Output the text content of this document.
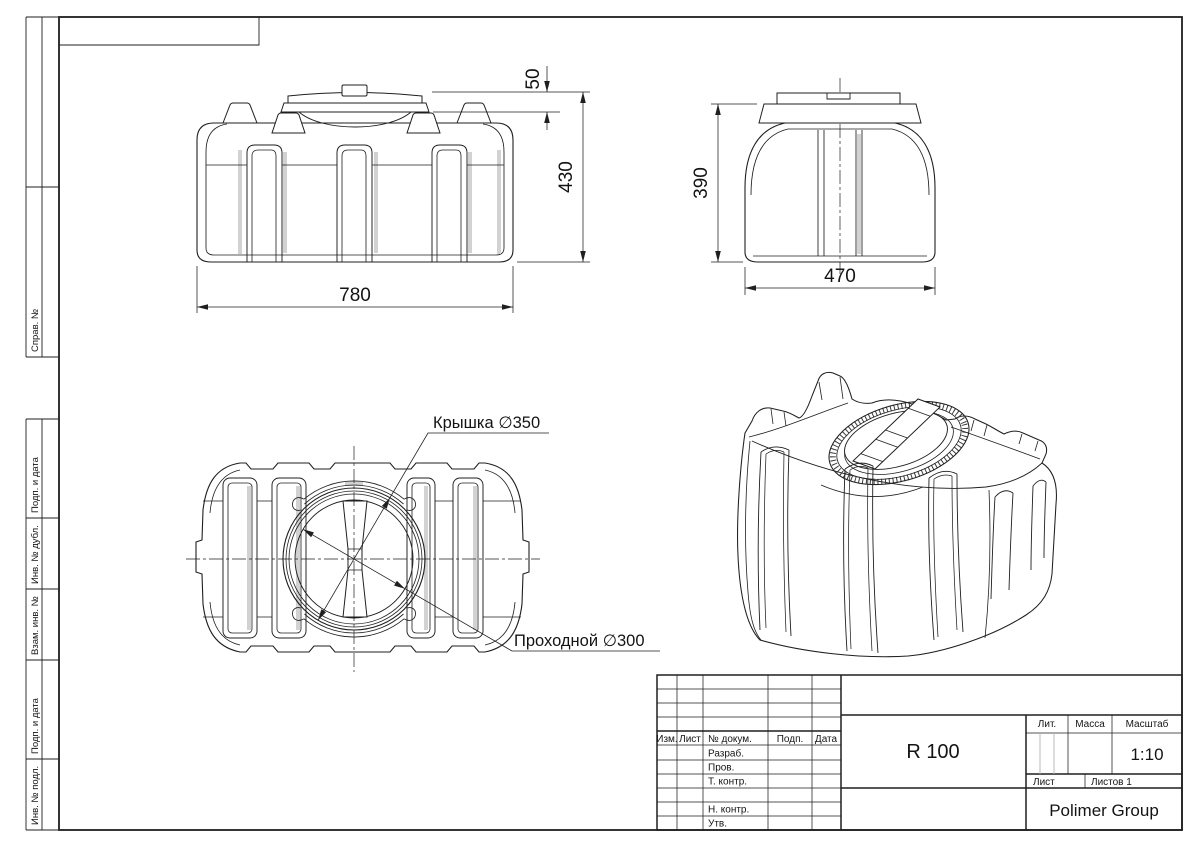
Справ. №
Подп. и дата
Инв. № дубл.
Взам. инв. №
Подп. и дата
Инв. № подл.
780
430
50
390
470
Крышка ∅350
Проходной ∅300
Изм. Лист № докум. Подп. Дата
Разраб.
Пров.
Т. контр.
Н. контр.
Утв.
R 100
Лит. Масса Масштаб
1:10
Лист	Листов 1
Polimer Group
